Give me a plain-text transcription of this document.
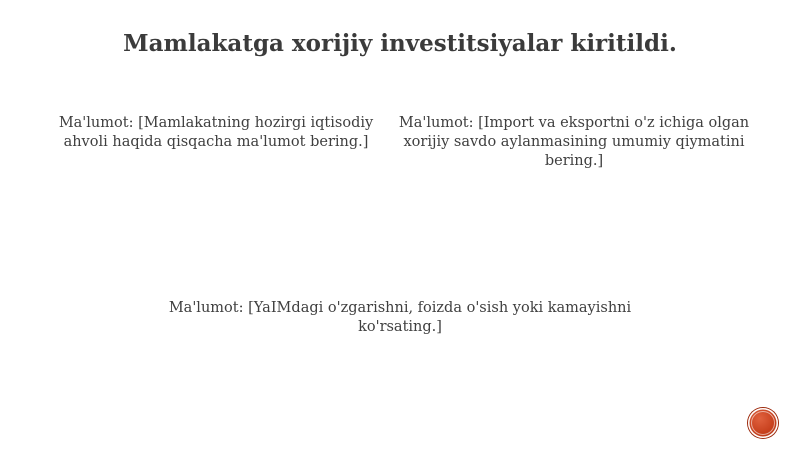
Mamlakatga xorijiy investitsiyalar kiritildi.
Ma'lumot: [Mamlakatning hozirgi iqtisodiy ahvoli haqida qisqacha ma'lumot bering.]
Ma'lumot: [Import va eksportni o'z ichiga olgan xorijiy savdo aylanmasining umumiy qiymatini bering.]
Ma'lumot: [YaIMdagi o'zgarishni, foizda o'sish yoki kamayishni ko'rsating.]
